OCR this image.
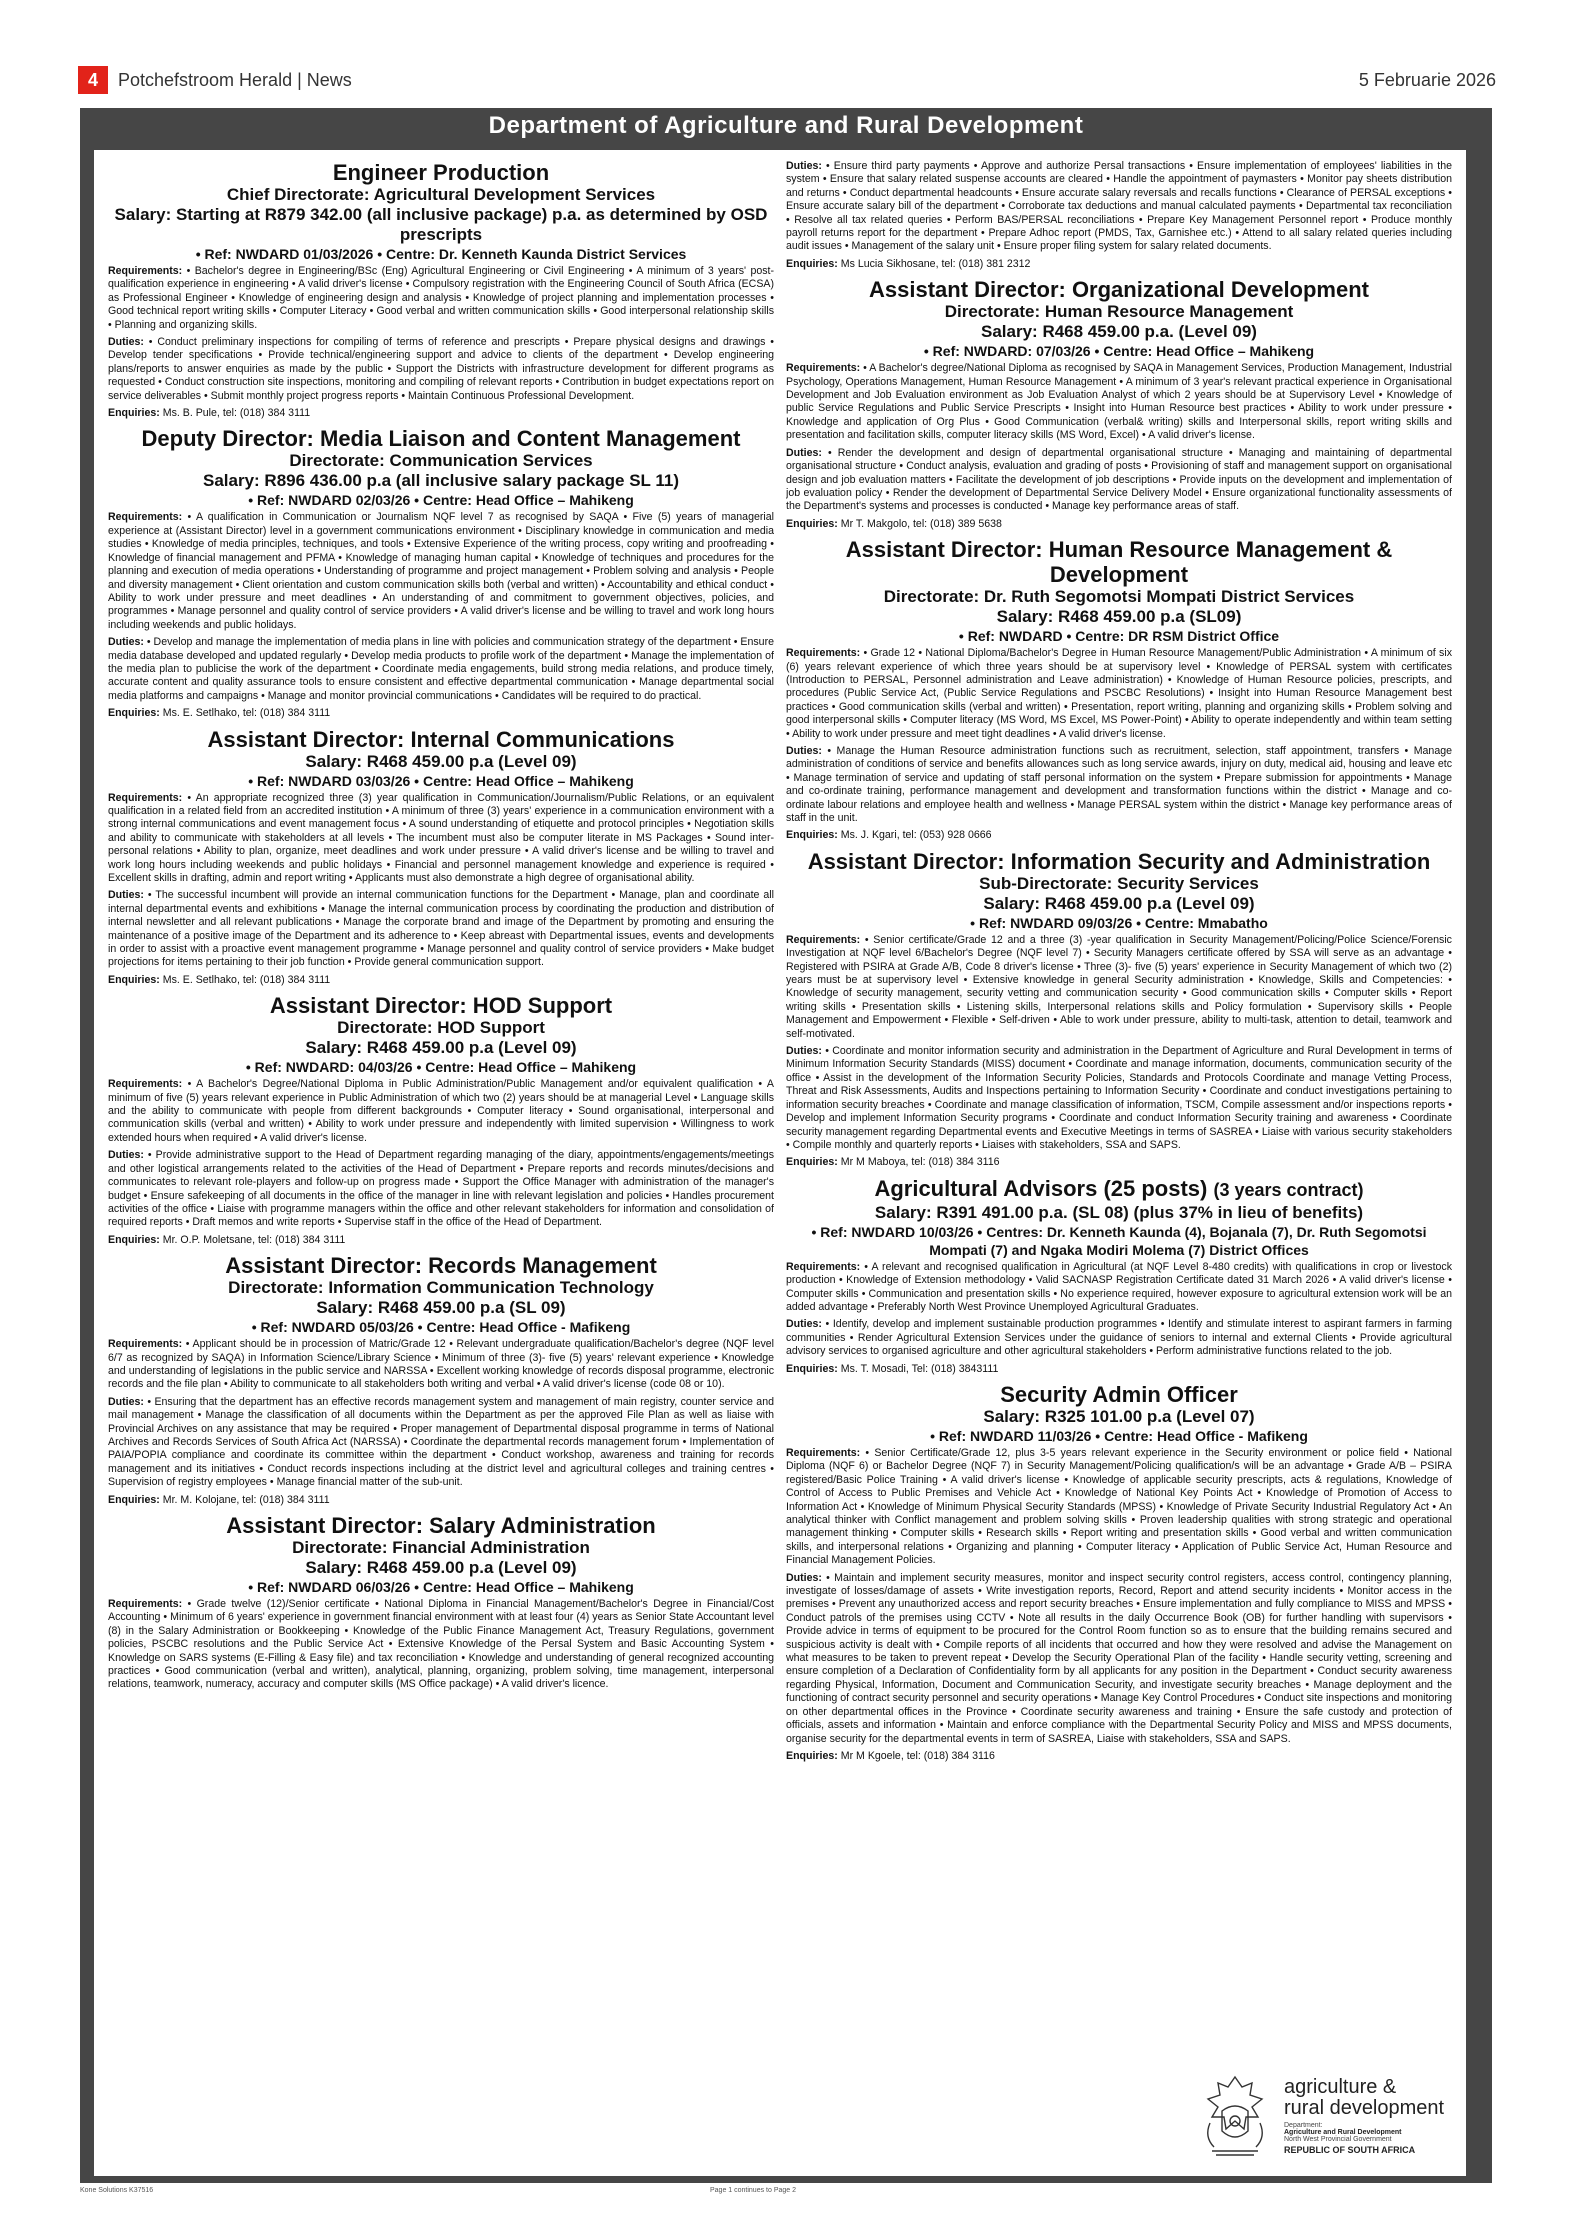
4	Potchefstroom Herald | News	5 Februarie 2026
Department of Agriculture and Rural Development
Engineer Production
Chief Directorate: Agricultural Development Services
Salary: Starting at R879 342.00 (all inclusive package) p.a. as determined by OSD prescripts
• Ref: NWDARD 01/03/2026 • Centre: Dr. Kenneth Kaunda District Services
Requirements: • Bachelor's degree in Engineering/BSc (Eng) Agricultural Engineering or Civil Engineering • A minimum of 3 years' post-qualification experience in engineering • A valid driver's license • Compulsory registration with the Engineering Council of South Africa (ECSA) as Professional Engineer • Knowledge of engineering design and analysis • Knowledge of project planning and implementation processes • Good technical report writing skills • Computer Literacy • Good verbal and written communication skills • Good interpersonal relationship skills • Planning and organizing skills.
Duties: • Conduct preliminary inspections for compiling of terms of reference and prescripts • Prepare physical designs and drawings • Develop tender specifications • Provide technical/engineering support and advice to clients of the department • Develop engineering plans/reports to answer enquiries as made by the public • Support the Districts with infrastructure development for different programs as requested • Conduct construction site inspections, monitoring and compiling of relevant reports • Contribution in budget expectations report on service deliverables • Submit monthly project progress reports • Maintain Continuous Professional Development.
Enquiries: Ms. B. Pule, tel: (018) 384 3111
Deputy Director: Media Liaison and Content Management
Directorate: Communication Services
Salary: R896 436.00 p.a (all inclusive salary package SL 11)
• Ref: NWDARD 02/03/26 • Centre: Head Office – Mahikeng
Requirements: • A qualification in Communication or Journalism NQF level 7 as recognised by SAQA • Five (5) years of managerial experience at (Assistant Director) level in a government communications environment • Disciplinary knowledge in communication and media studies • Knowledge of media principles, techniques, and tools • Extensive Experience of the writing process, copy writing and proofreading • Knowledge of financial management and PFMA • Knowledge of managing human capital • Knowledge of techniques and procedures for the planning and execution of media operations • Understanding of programme and project management • Problem solving and analysis • People and diversity management • Client orientation and custom communication skills both (verbal and written) • Accountability and ethical conduct • Ability to work under pressure and meet deadlines • An understanding of and commitment to government objectives, policies, and programmes • Manage personnel and quality control of service providers • A valid driver's license and be willing to travel and work long hours including weekends and public holidays.
Duties: • Develop and manage the implementation of media plans in line with policies and communication strategy of the department • Ensure media database developed and updated regularly • Develop media products to profile work of the department • Manage the implementation of the media plan to publicise the work of the department • Coordinate media engagements, build strong media relations, and produce timely, accurate content and quality assurance tools to ensure consistent and effective departmental communication • Manage departmental social media platforms and campaigns • Manage and monitor provincial communications • Candidates will be required to do practical.
Enquiries: Ms. E. Setlhako, tel: (018) 384 3111
Assistant Director: Internal Communications
Salary: R468 459.00 p.a (Level 09)
• Ref: NWDARD 03/03/26 • Centre: Head Office – Mahikeng
Requirements: • An appropriate recognized three (3) year qualification in Communication/Journalism/Public Relations, or an equivalent qualification in a related field from an accredited institution • A minimum of three (3) years' experience in a communication environment with a strong internal communications and event management focus • A sound understanding of etiquette and protocol principles • Negotiation skills and ability to communicate with stakeholders at all levels • The incumbent must also be computer literate in MS Packages • Sound inter-personal relations • Ability to plan, organize, meet deadlines and work under pressure • A valid driver's license and be willing to travel and work long hours including weekends and public holidays • Financial and personnel management knowledge and experience is required • Excellent skills in drafting, admin and report writing • Applicants must also demonstrate a high degree of organisational ability.
Duties: • The successful incumbent will provide an internal communication functions for the Department • Manage, plan and coordinate all internal departmental events and exhibitions • Manage the internal communication process by coordinating the production and distribution of internal newsletter and all relevant publications • Manage the corporate brand and image of the Department by promoting and ensuring the maintenance of a positive image of the Department and its adherence to • Keep abreast with Departmental issues, events and developments in order to assist with a proactive event management programme • Manage personnel and quality control of service providers • Make budget projections for items pertaining to their job function • Provide general communication support.
Enquiries: Ms. E. Setlhako, tel: (018) 384 3111
Assistant Director: HOD Support
Directorate: HOD Support
Salary: R468 459.00 p.a (Level 09)
• Ref: NWDARD: 04/03/26 • Centre: Head Office – Mahikeng
Requirements: • A Bachelor's Degree/National Diploma in Public Administration/Public Management and/or equivalent qualification • A minimum of five (5) years relevant experience in Public Administration of which two (2) years should be at managerial Level • Language skills and the ability to communicate with people from different backgrounds • Computer literacy • Sound organisational, interpersonal and communication skills (verbal and written) • Ability to work under pressure and independently with limited supervision • Willingness to work extended hours when required • A valid driver's license.
Duties: • Provide administrative support to the Head of Department regarding managing of the diary, appointments/engagements/meetings and other logistical arrangements related to the activities of the Head of Department • Prepare reports and records minutes/decisions and communicates to relevant role-players and follow-up on progress made • Support the Office Manager with administration of the manager's budget • Ensure safekeeping of all documents in the office of the manager in line with relevant legislation and policies • Handles procurement activities of the office • Liaise with programme managers within the office and other relevant stakeholders for information and consolidation of required reports • Draft memos and write reports • Supervise staff in the office of the Head of Department.
Enquiries: Mr. O.P. Moletsane, tel: (018) 384 3111
Assistant Director: Records Management
Directorate: Information Communication Technology
Salary: R468 459.00 p.a (SL 09)
• Ref: NWDARD 05/03/26 • Centre: Head Office - Mafikeng
Requirements: • Applicant should be in procession of Matric/Grade 12 • Relevant undergraduate qualification/Bachelor's degree (NQF level 6/7 as recognized by SAQA) in Information Science/Library Science • Minimum of three (3)- five (5) years' relevant experience • Knowledge and understanding of legislations in the public service and NARSSA • Excellent working knowledge of records disposal programme, electronic records and the file plan • Ability to communicate to all stakeholders both writing and verbal • A valid driver's license (code 08 or 10).
Duties: • Ensuring that the department has an effective records management system and management of main registry, counter service and mail management • Manage the classification of all documents within the Department as per the approved File Plan as well as liaise with Provincial Archives on any assistance that may be required • Proper management of Departmental disposal programme in terms of National Archives and Records Services of South Africa Act (NARSSA) • Coordinate the departmental records management forum • Implementation of PAIA/POPIA compliance and coordinate its committee within the department • Conduct workshop, awareness and training for records management and its initiatives • Conduct records inspections including at the district level and agricultural colleges and training centres • Supervision of registry employees • Manage financial matter of the sub-unit.
Enquiries: Mr. M. Kolojane, tel: (018) 384 3111
Assistant Director: Salary Administration
Directorate: Financial Administration
Salary: R468 459.00 p.a (Level 09)
• Ref: NWDARD 06/03/26 • Centre: Head Office – Mahikeng
Requirements: • Grade twelve (12)/Senior certificate • National Diploma in Financial Management/Bachelor's Degree in Financial/Cost Accounting • Minimum of 6 years' experience in government financial environment with at least four (4) years as Senior State Accountant level (8) in the Salary Administration or Bookkeeping • Knowledge of the Public Finance Management Act, Treasury Regulations, government policies, PSCBC resolutions and the Public Service Act • Extensive Knowledge of the Persal System and Basic Accounting System • Knowledge on SARS systems (E-Filling & Easy file) and tax reconciliation • Knowledge and understanding of general recognized accounting practices • Good communication (verbal and written), analytical, planning, organizing, problem solving, time management, interpersonal relations, teamwork, numeracy, accuracy and computer skills (MS Office package) • A valid driver's licence.
Duties: • Ensure third party payments • Approve and authorize Persal transactions • Ensure implementation of employees' liabilities in the system • Ensure that salary related suspense accounts are cleared • Handle the appointment of paymasters • Monitor pay sheets distribution and returns • Conduct departmental headcounts • Ensure accurate salary reversals and recalls functions • Clearance of PERSAL exceptions • Ensure accurate salary bill of the department • Corroborate tax deductions and manual calculated payments • Departmental tax reconciliation • Resolve all tax related queries • Perform BAS/PERSAL reconciliations • Prepare Key Management Personnel report • Produce monthly payroll returns report for the department • Prepare Adhoc report (PMDS, Tax, Garnishee etc.) • Attend to all salary related queries including audit issues • Management of the salary unit • Ensure proper filing system for salary related documents.
Enquiries: Ms Lucia Sikhosane, tel: (018) 381 2312
Assistant Director: Organizational Development
Directorate: Human Resource Management
Salary: R468 459.00 p.a. (Level 09)
• Ref: NWDARD: 07/03/26 • Centre: Head Office – Mahikeng
Requirements: • A Bachelor's degree/National Diploma as recognised by SAQA in Management Services, Production Management, Industrial Psychology, Operations Management, Human Resource Management • A minimum of 3 year's relevant practical experience in Organisational Development and Job Evaluation environment as Job Evaluation Analyst of which 2 years should be at Supervisory Level • Knowledge of public Service Regulations and Public Service Prescripts • Insight into Human Resource best practices • Ability to work under pressure • Knowledge and application of Org Plus • Good Communication (verbal& writing) skills and Interpersonal skills, report writing skills and presentation and facilitation skills, computer literacy skills (MS Word, Excel) • A valid driver's license.
Duties: • Render the development and design of departmental organisational structure • Managing and maintaining of departmental organisational structure • Conduct analysis, evaluation and grading of posts • Provisioning of staff and management support on organisational design and job evaluation matters • Facilitate the development of job descriptions • Provide inputs on the development and implementation of job evaluation policy • Render the development of Departmental Service Delivery Model • Ensure organizational functionality assessments of the Department's systems and processes is conducted • Manage key performance areas of staff.
Enquiries: Mr T. Makgolo, tel: (018) 389 5638
Assistant Director: Human Resource Management & Development
Directorate: Dr. Ruth Segomotsi Mompati District Services
Salary: R468 459.00 p.a (SL09)
• Ref: NWDARD • Centre: DR RSM District Office
Requirements: • Grade 12 • National Diploma/Bachelor's Degree in Human Resource Management/Public Administration • A minimum of six (6) years relevant experience of which three years should be at supervisory level • Knowledge of PERSAL system with certificates (Introduction to PERSAL, Personnel administration and Leave administration) • Knowledge of Human Resource policies, prescripts, and procedures (Public Service Act, (Public Service Regulations and PSCBC Resolutions) • Insight into Human Resource Management best practices • Good communication skills (verbal and written) • Presentation, report writing, planning and organizing skills • Problem solving and good interpersonal skills • Computer literacy (MS Word, MS Excel, MS Power-Point) • Ability to operate independently and within team setting • Ability to work under pressure and meet tight deadlines • A valid driver's license.
Duties: • Manage the Human Resource administration functions such as recruitment, selection, staff appointment, transfers • Manage administration of conditions of service and benefits allowances such as long service awards, injury on duty, medical aid, housing and leave etc • Manage termination of service and updating of staff personal information on the system • Prepare submission for appointments • Manage and co-ordinate training, performance management and development and transformation functions within the district • Manage and co-ordinate labour relations and employee health and wellness • Manage PERSAL system within the district • Manage key performance areas of staff in the unit.
Enquiries: Ms. J. Kgari, tel: (053) 928 0666
Assistant Director: Information Security and Administration
Sub-Directorate: Security Services
Salary: R468 459.00 p.a (Level 09)
• Ref: NWDARD 09/03/26 • Centre: Mmabatho
Requirements: • Senior certificate/Grade 12 and a three (3) -year qualification in Security Management/Policing/Police Science/Forensic Investigation at NQF level 6/Bachelor's Degree (NQF level 7) • Security Managers certificate offered by SSA will serve as an advantage • Registered with PSIRA at Grade A/B, Code 8 driver's license • Three (3)- five (5) years' experience in Security Management of which two (2) years must be at supervisory level • Extensive knowledge in general Security administration • Knowledge, Skills and Competencies: • Knowledge of security management, security vetting and communication security • Good communication skills • Computer skills • Report writing skills • Presentation skills • Listening skills, Interpersonal relations skills and Policy formulation • Supervisory skills • People Management and Empowerment • Flexible • Self-driven • Able to work under pressure, ability to multi-task, attention to detail, teamwork and self-motivated.
Duties: • Coordinate and monitor information security and administration in the Department of Agriculture and Rural Development in terms of Minimum Information Security Standards (MISS) document • Coordinate and manage information, documents, communication security of the office • Assist in the development of the Information Security Policies, Standards and Protocols Coordinate and manage Vetting Process, Threat and Risk Assessments, Audits and Inspections pertaining to Information Security • Coordinate and conduct investigations pertaining to information security breaches • Coordinate and manage classification of information, TSCM, Compile assessment and/or inspections reports • Develop and implement Information Security programs • Coordinate and conduct Information Security training and awareness • Coordinate security management regarding Departmental events and Executive Meetings in terms of SASREA • Liaise with various security stakeholders • Compile monthly and quarterly reports • Liaises with stakeholders, SSA and SAPS.
Enquiries: Mr M Maboya, tel: (018) 384 3116
Agricultural Advisors (25 posts) (3 years contract)
Salary: R391 491.00 p.a. (SL 08) (plus 37% in lieu of benefits)
• Ref: NWDARD 10/03/26 • Centres: Dr. Kenneth Kaunda (4), Bojanala (7), Dr. Ruth Segomotsi Mompati (7) and Ngaka Modiri Molema (7) District Offices
Requirements: • A relevant and recognised qualification in Agricultural (at NQF Level 8-480 credits) with qualifications in crop or livestock production • Knowledge of Extension methodology • Valid SACNASP Registration Certificate dated 31 March 2026 • A valid driver's license • Computer skills • Communication and presentation skills • No experience required, however exposure to agricultural extension work will be an added advantage • Preferably North West Province Unemployed Agricultural Graduates.
Duties: • Identify, develop and implement sustainable production programmes • Identify and stimulate interest to aspirant farmers in farming communities • Render Agricultural Extension Services under the guidance of seniors to internal and external Clients • Provide agricultural advisory services to organised agriculture and other agricultural stakeholders • Perform administrative functions related to the job.
Enquiries: Ms. T. Mosadi, Tel: (018) 3843111
Security Admin Officer
Salary: R325 101.00 p.a (Level 07)
• Ref: NWDARD 11/03/26 • Centre: Head Office - Mafikeng
Requirements: • Senior Certificate/Grade 12, plus 3-5 years relevant experience in the Security environment or police field • National Diploma (NQF 6) or Bachelor Degree (NQF 7) in Security Management/Policing qualification/s will be an advantage • Grade A/B – PSIRA registered/Basic Police Training • A valid driver's license • Knowledge of applicable security prescripts, acts & regulations, Knowledge of Control of Access to Public Premises and Vehicle Act • Knowledge of National Key Points Act • Knowledge of Promotion of Access to Information Act • Knowledge of Minimum Physical Security Standards (MPSS) • Knowledge of Private Security Industrial Regulatory Act • An analytical thinker with Conflict management and problem solving skills • Proven leadership qualities with strong strategic and operational management thinking • Computer skills • Research skills • Report writing and presentation skills • Good verbal and written communication skills, and interpersonal relations • Organizing and planning • Computer literacy • Application of Public Service Act, Human Resource and Financial Management Policies.
Duties: • Maintain and implement security measures, monitor and inspect security control registers, access control, contingency planning, investigate of losses/damage of assets • Write investigation reports, Record, Report and attend security incidents • Monitor access in the premises • Prevent any unauthorized access and report security breaches • Ensure implementation and fully compliance to MISS and MPSS • Conduct patrols of the premises using CCTV • Note all results in the daily Occurrence Book (OB) for further handling with supervisors • Provide advice in terms of equipment to be procured for the Control Room function so as to ensure that the building remains secured and suspicious activity is dealt with • Compile reports of all incidents that occurred and how they were resolved and advise the Management on what measures to be taken to prevent repeat • Develop the Security Operational Plan of the facility • Handle security vetting, screening and ensure completion of a Declaration of Confidentiality form by all applicants for any position in the Department • Conduct security awareness regarding Physical, Information, Document and Communication Security, and investigate security breaches • Manage deployment and the functioning of contract security personnel and security operations • Manage Key Control Procedures • Conduct site inspections and monitoring on other departmental offices in the Province • Coordinate security awareness and training • Ensure the safe custody and protection of officials, assets and information • Maintain and enforce compliance with the Departmental Security Policy and MISS and MPSS documents, organise security for the departmental events in term of SASREA, Liaise with stakeholders, SSA and SAPS.
Enquiries: Mr M Kgoele, tel: (018) 384 3116
agriculture &
rural development
Department:
Agriculture and Rural Development
North West Provincial Government
REPUBLIC OF SOUTH AFRICA
Kone Solutions K37516	Page 1 continues to Page 2
